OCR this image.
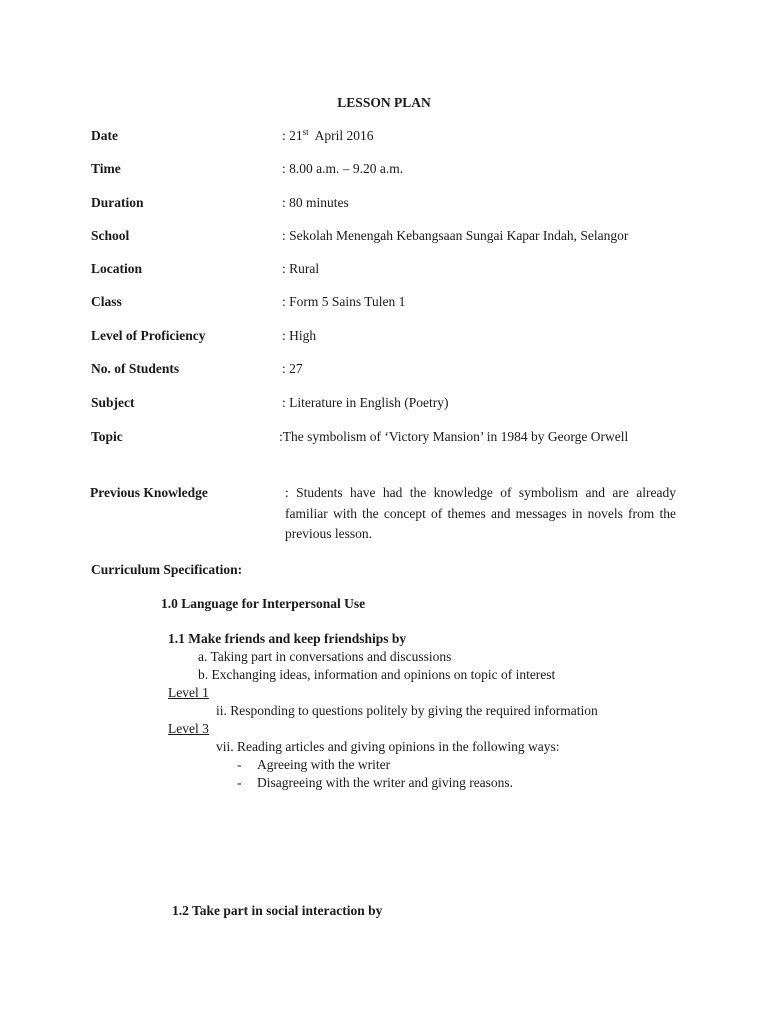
LESSON PLAN
Date	: 21st  April 2016
Time	: 8.00 a.m. – 9.20 a.m.
Duration	: 80 minutes
School	: Sekolah Menengah Kebangsaan Sungai Kapar Indah, Selangor
Location	: Rural
Class	: Form 5 Sains Tulen 1
Level of Proficiency	: High
No. of Students	: 27
Subject	: Literature in English (Poetry)
Topic	:The symbolism of ‘Victory Mansion’ in 1984 by George Orwell
Previous Knowledge	: Students have had the knowledge of symbolism and are already familiar with the concept of themes and messages in novels from the previous lesson.
Curriculum Specification:
1.0 Language for Interpersonal Use
1.1 Make friends and keep friendships by
a. Taking part in conversations and discussions
b. Exchanging ideas, information and opinions on topic of interest
Level 1
ii. Responding to questions politely by giving the required information
Level 3
vii. Reading articles and giving opinions in the following ways:
- Agreeing with the writer
- Disagreeing with the writer and giving reasons.
1.2 Take part in social interaction by
